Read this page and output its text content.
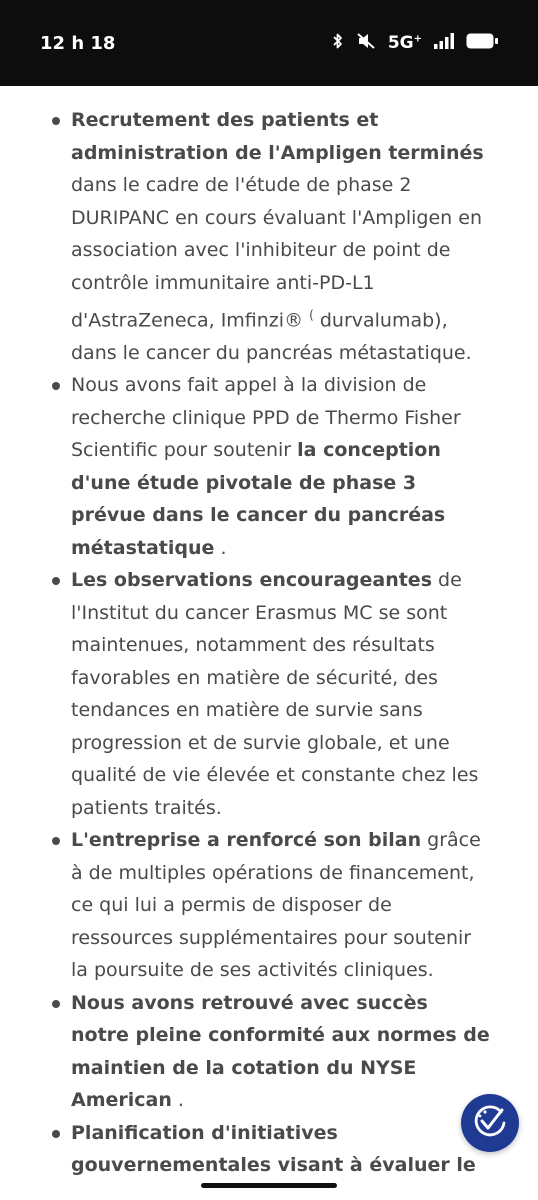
12 h 18	5G+
Recrutement des patients et administration de l'Ampligen terminés dans le cadre de l'étude de phase 2 DURIPANC en cours évaluant l'Ampligen en association avec l'inhibiteur de point de contrôle immunitaire anti-PD-L1 d'AstraZeneca, Imfinzi® ( durvalumab), dans le cancer du pancréas métastatique.
Nous avons fait appel à la division de recherche clinique PPD de Thermo Fisher Scientific pour soutenir la conception d'une étude pivotale de phase 3 prévue dans le cancer du pancréas métastatique .
Les observations encourageantes de l'Institut du cancer Erasmus MC se sont maintenues, notamment des résultats favorables en matière de sécurité, des tendances en matière de survie sans progression et de survie globale, et une qualité de vie élevée et constante chez les patients traités.
L'entreprise a renforcé son bilan grâce à de multiples opérations de financement, ce qui lui a permis de disposer de ressources supplémentaires pour soutenir la poursuite de ses activités cliniques.
Nous avons retrouvé avec succès notre pleine conformité aux normes de maintien de la cotation du NYSE American .
Planification d'initiatives gouvernementales visant à évaluer le
